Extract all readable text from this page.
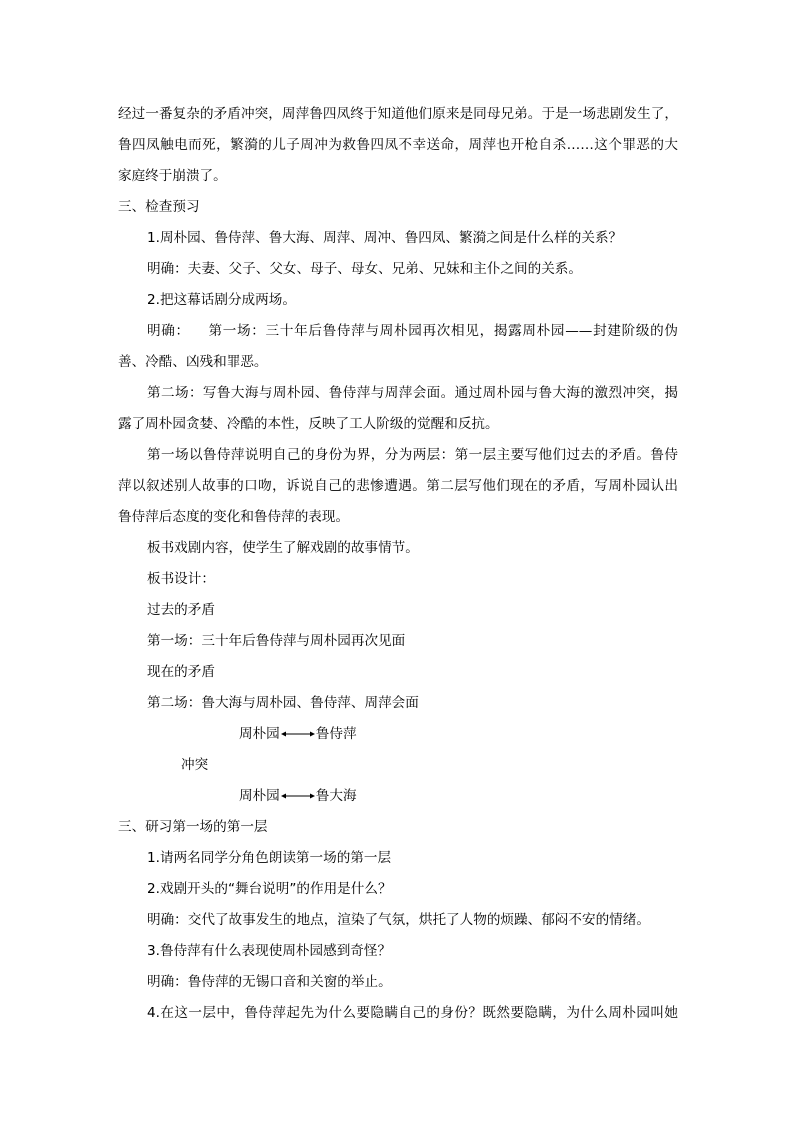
经过一番复杂的矛盾冲突，周萍鲁四凤终于知道他们原来是同母兄弟。于是一场悲剧发生了，
鲁四凤触电而死，繁漪的儿子周冲为救鲁四凤不幸送命，周萍也开枪自杀……这个罪恶的大
家庭终于崩溃了。
三、检查预习
1.周朴园、鲁侍萍、鲁大海、周萍、周冲、鲁四凤、繁漪之间是什么样的关系？
明确：夫妻、父子、父女、母子、母女、兄弟、兄妹和主仆之间的关系。
2.把这幕话剧分成两场。
明确： 第一场：三十年后鲁侍萍与周朴园再次相见，揭露周朴园——封建阶级的伪
善、冷酷、凶残和罪恶。
第二场：写鲁大海与周朴园、鲁侍萍与周萍会面。通过周朴园与鲁大海的激烈冲突，揭
露了周朴园贪婪、冷酷的本性，反映了工人阶级的觉醒和反抗。
第一场以鲁侍萍说明自己的身份为界，分为两层：第一层主要写他们过去的矛盾。鲁侍
萍以叙述别人故事的口吻，诉说自己的悲惨遭遇。第二层写他们现在的矛盾，写周朴园认出
鲁侍萍后态度的变化和鲁侍萍的表现。
板书戏剧内容，使学生了解戏剧的故事情节。
板书设计：
过去的矛盾
第一场：三十年后鲁侍萍与周朴园再次见面
现在的矛盾
第二场：鲁大海与周朴园、鲁侍萍、周萍会面
周朴园	鲁侍萍
冲突
周朴园	鲁大海
三、研习第一场的第一层
1.请两名同学分角色朗读第一场的第一层
2.戏剧开头的“舞台说明”的作用是什么？
明确：交代了故事发生的地点，渲染了气氛，烘托了人物的烦躁、郁闷不安的情绪。
3.鲁侍萍有什么表现使周朴园感到奇怪？
明确：鲁侍萍的无锡口音和关窗的举止。
4.在这一层中，鲁侍萍起先为什么要隐瞒自己的身份？既然要隐瞒，为什么周朴园叫她
